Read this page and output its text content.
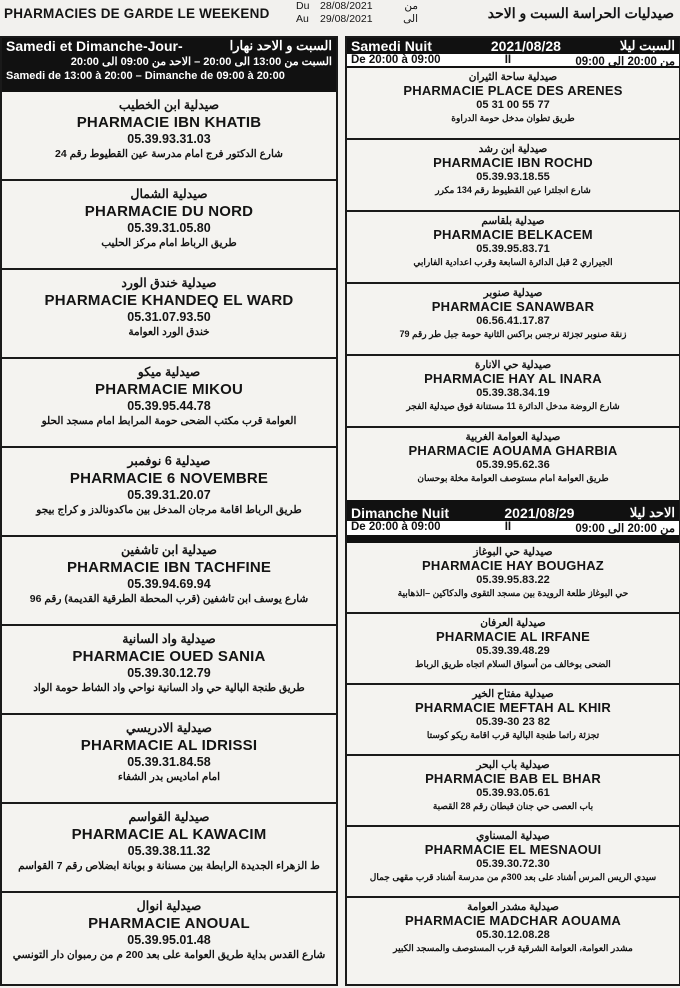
PHARMACIES DE GARDE LE WEEKEND	Du	28/08/2021	من
Au	29/08/2021	الى	صيدليات الحراسة السبت و الاحد
Samedi et Dimanche-Jour-	السبت و الاحد نهارا
السبت من 13:00 الى 20:00 – الاحد من 09:00 الى 20:00
Samedi de 13:00 à 20:00 – Dimanche de 09:00 à 20:00
صيدلية ابن الخطيب
PHARMACIE IBN KHATIB
05.39.93.31.03
شارع الدكتور فرج امام مدرسة عين القطيوط رقم 24
صيدلية الشمال
PHARMACIE DU NORD
05.39.31.05.80
طريق الرباط امام مركز الحليب
صيدلية خندق الورد
PHARMACIE KHANDEQ EL WARD
05.31.07.93.50
خندق الورد العوامة
صيدلية ميكو
PHARMACIE MIKOU
05.39.95.44.78
العوامة قرب مكتب الضحى حومة المرابط امام مسجد الحلو
صيدلية 6 نوفمبر
PHARMACIE 6 NOVEMBRE
05.39.31.20.07
طريق الرباط اقامة مرجان المدخل بين ماكدونالدز و كراج بيجو
صيدلية ابن تاشفين
PHARMACIE IBN TACHFINE
05.39.94.69.94
شارع يوسف ابن تاشفين (قرب المحطة الطرقية القديمة) رقم 96
صيدلية واد السانية
PHARMACIE OUED SANIA
05.39.30.12.79
طريق طنجة البالية حي واد السانية نواحي واد الشاط حومة الواد
صيدلية الادريسي
PHARMACIE AL IDRISSI
05.39.31.84.58
امام اماديس بدر الشفاء
صيدلية القواسم
PHARMACIE AL KAWACIM
05.39.38.11.32
ط الزهراء الجديدة الرابطة بين مسنانة و بوبانة ابضلاص رقم 7 القواسم
صيدلية انوال
PHARMACIE ANOUAL
05.39.95.01.48
شارع القدس بداية طريق العوامة على بعد 200 م من رمبوان دار التونسي
Samedi Nuit	2021/08/28	السبت ليلا
De 20:00 à 09:00	II	من 20:00 الى 09:00
صيدلية ساحة الثيران
PHARMACIE PLACE DES ARENES
05 31 00 55 77
طريق تطوان مدخل حومة الدراوة
صيدلية ابن رشد
PHARMACIE IBN ROCHD
05.39.93.18.55
شارع انجلترا عين القطيوط رقم 134 مكرر
صيدلية بلقاسم
PHARMACIE BELKACEM
05.39.95.83.71
الجيراري 2 قبل الدائرة السابعة وقرب اعدادية الفارابي
صيدلية صنوبر
PHARMACIE SANAWBAR
06.56.41.17.87
زنقة صنوبر تجزئة نرجس براكس الثانية حومة جبل طر رقم 79
صيدلية حي الانارة
PHARMACIE HAY AL INARA
05.39.38.34.19
شارع الروضة مدخل الدائرة 11 مستنانة فوق صيدلية الفجر
صيدلية العوامة الغربية
PHARMACIE AOUAMA GHARBIA
05.39.95.62.36
طريق العوامة امام مستوصف العوامة مخلة بوحسان
Dimanche Nuit	2021/08/29	الاحد ليلا
De 20:00 à 09:00	II	من 20:00 الى 09:00
صيدلية حي البوغاز
PHARMACIE HAY BOUGHAZ
05.39.95.83.22
حي البوغاز طلعة الرويدة بين مسجد التقوى والدكاكين –الذهابية
صيدلية العرفان
PHARMACIE AL IRFANE
05.39.39.48.29
الضحى بوخالف من أسواق السلام اتجاه طريق الرباط
صيدلية مفتاح الخير
PHARMACIE MEFTAH AL KHIR
05.39-30 23 82
تجزئة راتما طنجة البالية قرب اقامة ريكو كوستا
صيدلية باب البحر
PHARMACIE BAB EL BHAR
05.39.93.05.61
باب العصى حي جنان قبطان رقم 28 القصبة
صيدلية المسناوي
PHARMACIE EL MESNAOUI
05.39.30.72.30
سيدي الريس المرس أشناد على بعد 300م من مدرسة أشناد قرب مقهى جمال
صيدلية مشدر العوامة
PHARMACIE MADCHAR AOUAMA
05.30.12.08.28
مشدر العوامة، العوامة الشرقية قرب المستوصف والمسجد الكبير
